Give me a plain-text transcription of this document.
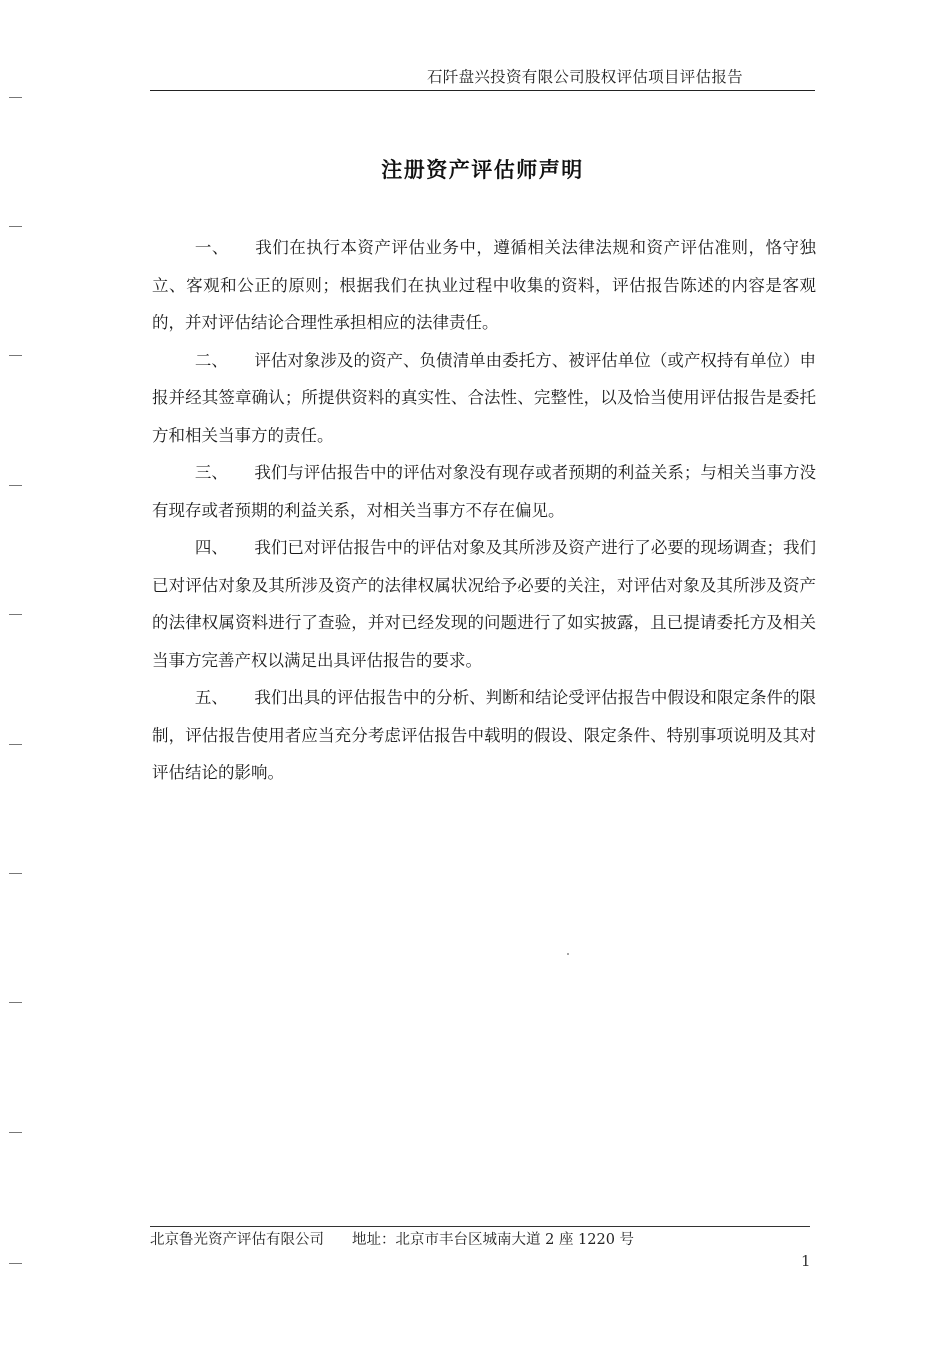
石阡盘兴投资有限公司股权评估项目评估报告
注册资产评估师声明

一、 我们在执行本资产评估业务中，遵循相关法律法规和资产评估准则，恪守独立、客观和公正的原则；根据我们在执业过程中收集的资料，评估报告陈述的内容是客观的，并对评估结论合理性承担相应的法律责任。

二、 评估对象涉及的资产、负债清单由委托方、被评估单位（或产权持有单位）申报并经其签章确认；所提供资料的真实性、合法性、完整性，以及恰当使用评估报告是委托方和相关当事方的责任。

三、 我们与评估报告中的评估对象没有现存或者预期的利益关系；与相关当事方没有现存或者预期的利益关系，对相关当事方不存在偏见。

四、 我们已对评估报告中的评估对象及其所涉及资产进行了必要的现场调查；我们已对评估对象及其所涉及资产的法律权属状况给予必要的关注，对评估对象及其所涉及资产的法律权属资料进行了查验，并对已经发现的问题进行了如实披露，且已提请委托方及相关当事方完善产权以满足出具评估报告的要求。

五、 我们出具的评估报告中的分析、判断和结论受评估报告中假设和限定条件的限制，评估报告使用者应当充分考虑评估报告中载明的假设、限定条件、特别事项说明及其对评估结论的影响。

北京鲁光资产评估有限公司 地址：北京市丰台区城南大道 2 座 1220 号
1
